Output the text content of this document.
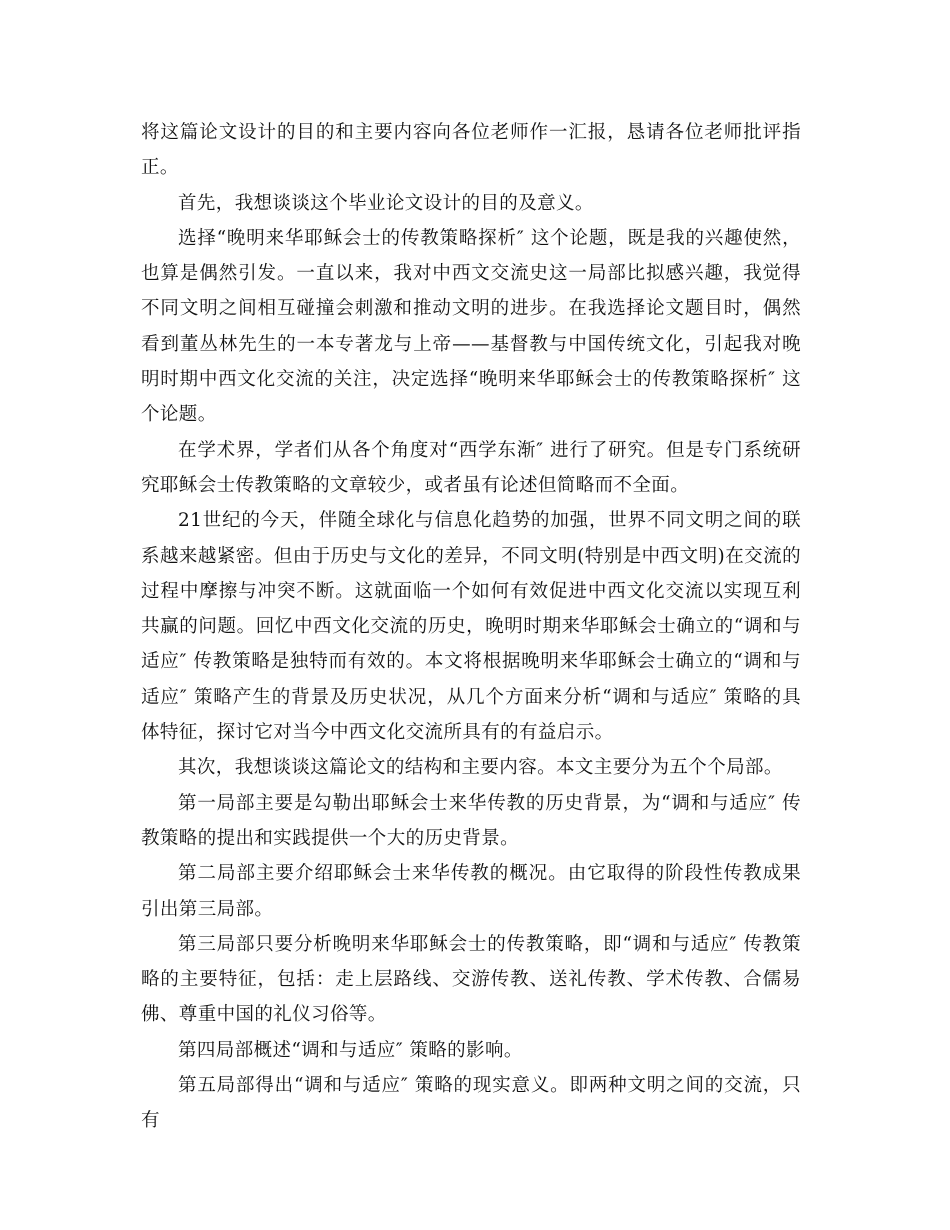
将这篇论文设计的目的和主要内容向各位老师作一汇报，恳请各位老师批评指正。

首先，我想谈谈这个毕业论文设计的目的及意义。

选择“晚明来华耶稣会士的传教策略探析″ 这个论题，既是我的兴趣使然，也算是偶然引发。一直以来，我对中西文交流史这一局部比拟感兴趣，我觉得不同文明之间相互碰撞会刺激和推动文明的进步。在我选择论文题目时，偶然看到董丛林先生的一本专著龙与上帝——基督教与中国传统文化，引起我对晚明时期中西文化交流的关注，决定选择“晚明来华耶稣会士的传教策略探析″ 这个论题。

在学术界，学者们从各个角度对“西学东渐″ 进行了研究。但是专门系统研究耶稣会士传教策略的文章较少，或者虽有论述但简略而不全面。

21世纪的今天，伴随全球化与信息化趋势的加强，世界不同文明之间的联系越来越紧密。但由于历史与文化的差异，不同文明(特别是中西文明)在交流的过程中摩擦与冲突不断。这就面临一个如何有效促进中西文化交流以实现互利共赢的问题。回忆中西文化交流的历史，晚明时期来华耶稣会士确立的“调和与适应″ 传教策略是独特而有效的。本文将根据晚明来华耶稣会士确立的“调和与适应″ 策略产生的背景及历史状况，从几个方面来分析“调和与适应″ 策略的具体特征，探讨它对当今中西文化交流所具有的有益启示。

其次，我想谈谈这篇论文的结构和主要内容。本文主要分为五个个局部。

第一局部主要是勾勒出耶稣会士来华传教的历史背景，为“调和与适应″ 传教策略的提出和实践提供一个大的历史背景。

第二局部主要介绍耶稣会士来华传教的概况。由它取得的阶段性传教成果引出第三局部。

第三局部只要分析晚明来华耶稣会士的传教策略，即“调和与适应″ 传教策略的主要特征，包括：走上层路线、交游传教、送礼传教、学术传教、合儒易佛、尊重中国的礼仪习俗等。

第四局部概述“调和与适应″ 策略的影响。

第五局部得出“调和与适应″ 策略的现实意义。即两种文明之间的交流，只有
